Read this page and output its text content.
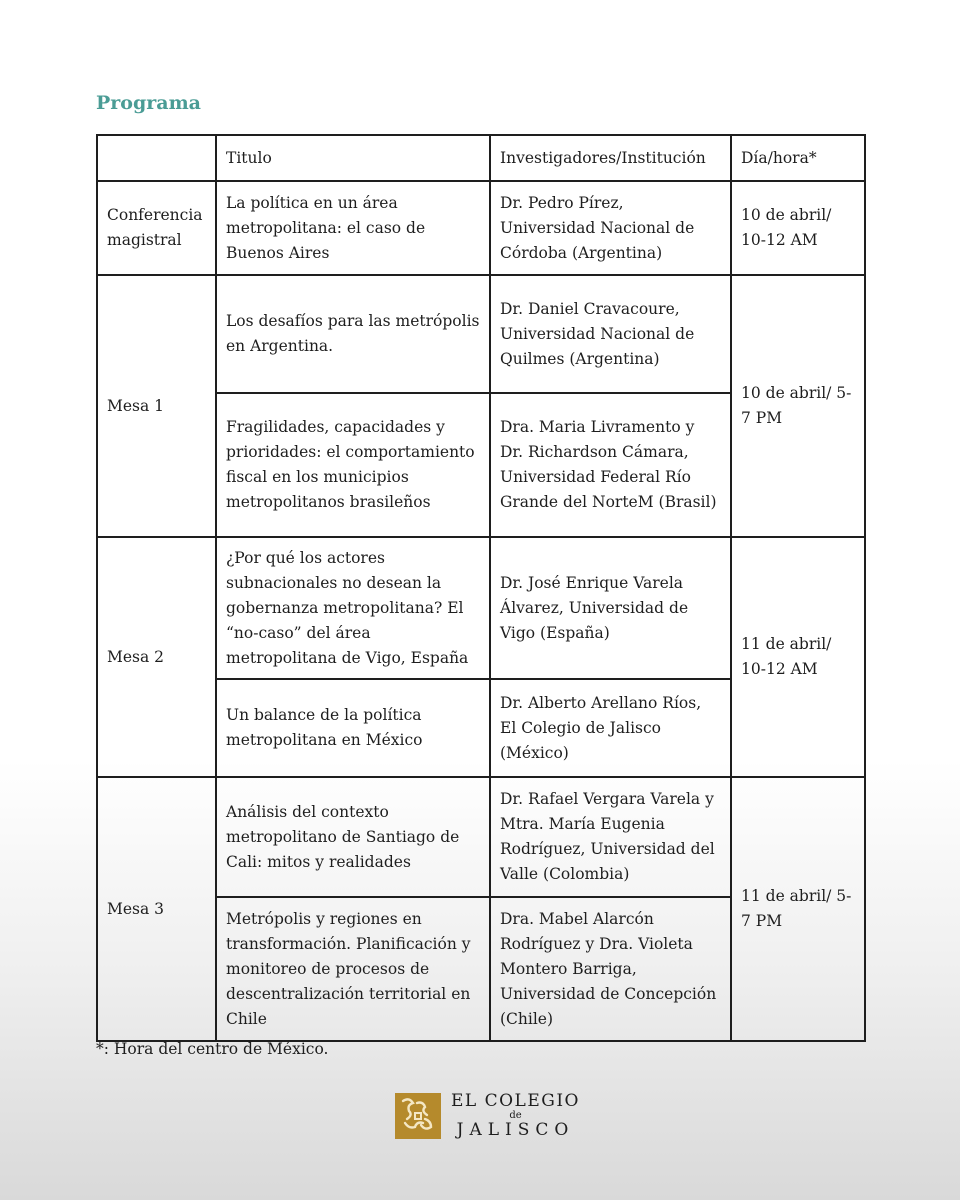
Programa
	Titulo	Investigadores/Institución	Día/hora*
Conferencia magistral	La política en un área metropolitana: el caso de Buenos Aires	Dr. Pedro Pírez, Universidad Nacional de Córdoba (Argentina)	10 de abril/ 10-12 AM
Mesa 1	Los desafíos para las metrópolis en Argentina.	Dr. Daniel Cravacoure, Universidad Nacional de Quilmes (Argentina)	10 de abril/ 5-7 PM
	Fragilidades, capacidades y prioridades: el comportamiento fiscal en los municipios metropolitanos brasileños	Dra. Maria Livramento y Dr. Richardson Cámara, Universidad Federal Río Grande del NorteM (Brasil)	
Mesa 2	¿Por qué los actores subnacionales no desean la gobernanza metropolitana? El “no-caso” del área metropolitana de Vigo, España	Dr. José Enrique Varela Álvarez, Universidad de Vigo (España)	11 de abril/ 10-12 AM
	Un balance de la política metropolitana en México	Dr. Alberto Arellano Ríos, El Colegio de Jalisco (México)	
Mesa 3	Análisis del contexto metropolitano de Santiago de Cali: mitos y realidades	Dr. Rafael Vergara Varela y Mtra. María Eugenia Rodríguez, Universidad del Valle (Colombia)	11 de abril/ 5-7 PM
	Metrópolis y regiones en transformación. Planificación y monitoreo de procesos de descentralización territorial en Chile	Dra. Mabel Alarcón Rodríguez y Dra. Violeta Montero Barriga, Universidad de Concepción (Chile)	
*: Hora del centro de México.
EL COLEGIO
de
JALISCO
